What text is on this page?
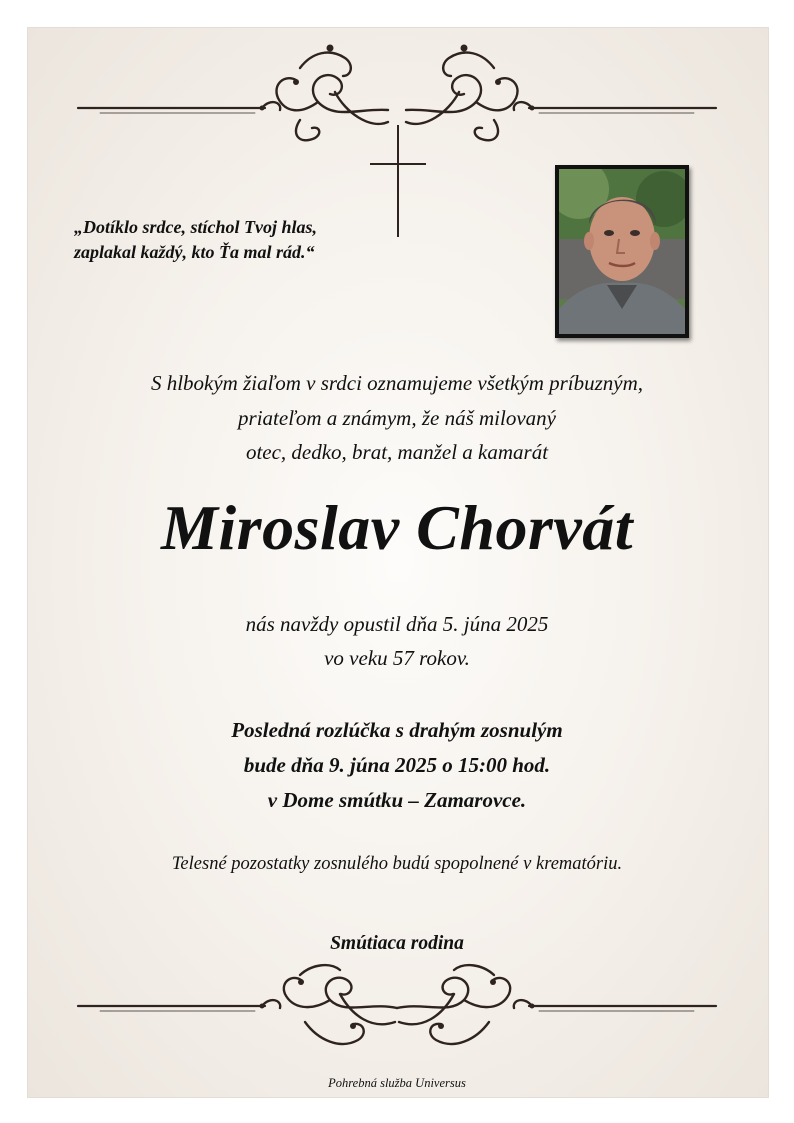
„Dotíklo srdce, stíchol Tvoj hlas,
zaplakal každý, kto Ťa mal rád.“
S hlbokým žiaľom v srdci oznamujeme všetkým príbuzným,
priateľom a známym, že náš milovaný
otec, dedko, brat, manžel a kamarát
Miroslav Chorvát
nás navždy opustil dňa 5. júna 2025
vo veku 57 rokov.
Posledná rozlúčka s drahým zosnulým
bude dňa 9. júna 2025 o 15:00 hod.
v Dome smútku – Zamarovce.
Telesné pozostatky zosnulého budú spopolnené v krematóriu.
Smútiaca rodina
Pohrebná služba Universus
